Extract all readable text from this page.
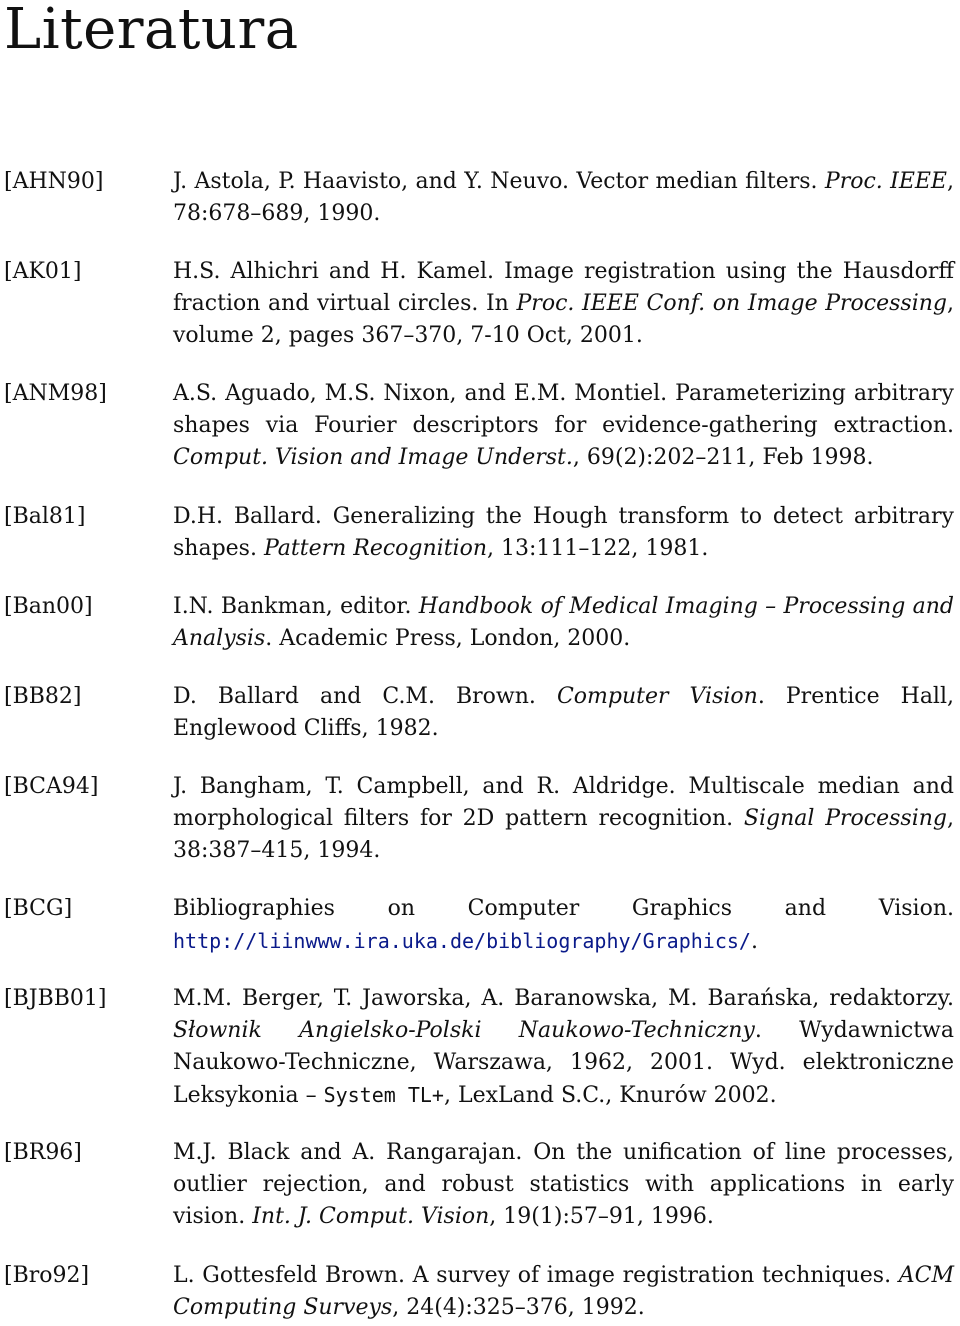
Literatura
[AHN90]	J. Astola, P. Haavisto, and Y. Neuvo. Vector median filters. Proc. IEEE, 78:678–689, 1990.
[AK01]	H.S. Alhichri and H. Kamel. Image registration using the Hausdorff fraction and virtual circles. In Proc. IEEE Conf. on Image Processing, volume 2, pages 367–370, 7-10 Oct, 2001.
[ANM98]	A.S. Aguado, M.S. Nixon, and E.M. Montiel. Parameterizing arbitrary shapes via Fourier descriptors for evidence-gathering extraction. Comput. Vision and Image Underst., 69(2):202–211, Feb 1998.
[Bal81]	D.H. Ballard. Generalizing the Hough transform to detect arbitrary shapes. Pattern Recognition, 13:111–122, 1981.
[Ban00]	I.N. Bankman, editor. Handbook of Medical Imaging – Processing and Analysis. Academic Press, London, 2000.
[BB82]	D. Ballard and C.M. Brown. Computer Vision. Prentice Hall, Englewood Cliffs, 1982.
[BCA94]	J. Bangham, T. Campbell, and R. Aldridge. Multiscale median and morphological filters for 2D pattern recognition. Signal Processing, 38:387–415, 1994.
[BCG]	Bibliographies on Computer Graphics and Vision. http://liinwww.ira.uka.de/bibliography/Graphics/.
[BJBB01]	M.M. Berger, T. Jaworska, A. Baranowska, M. Barańska, redaktorzy. Słownik Angielsko-Polski Naukowo-Techniczny. Wydawnictwa Naukowo-Techniczne, Warszawa, 1962, 2001. Wyd. elektroniczne Leksykonia – System TL+, LexLand S.C., Knurów 2002.
[BR96]	M.J. Black and A. Rangarajan. On the unification of line processes, outlier rejection, and robust statistics with applications in early vision. Int. J. Comput. Vision, 19(1):57–91, 1996.
[Bro92]	L. Gottesfeld Brown. A survey of image registration techniques. ACM Computing Surveys, 24(4):325–376, 1992.
